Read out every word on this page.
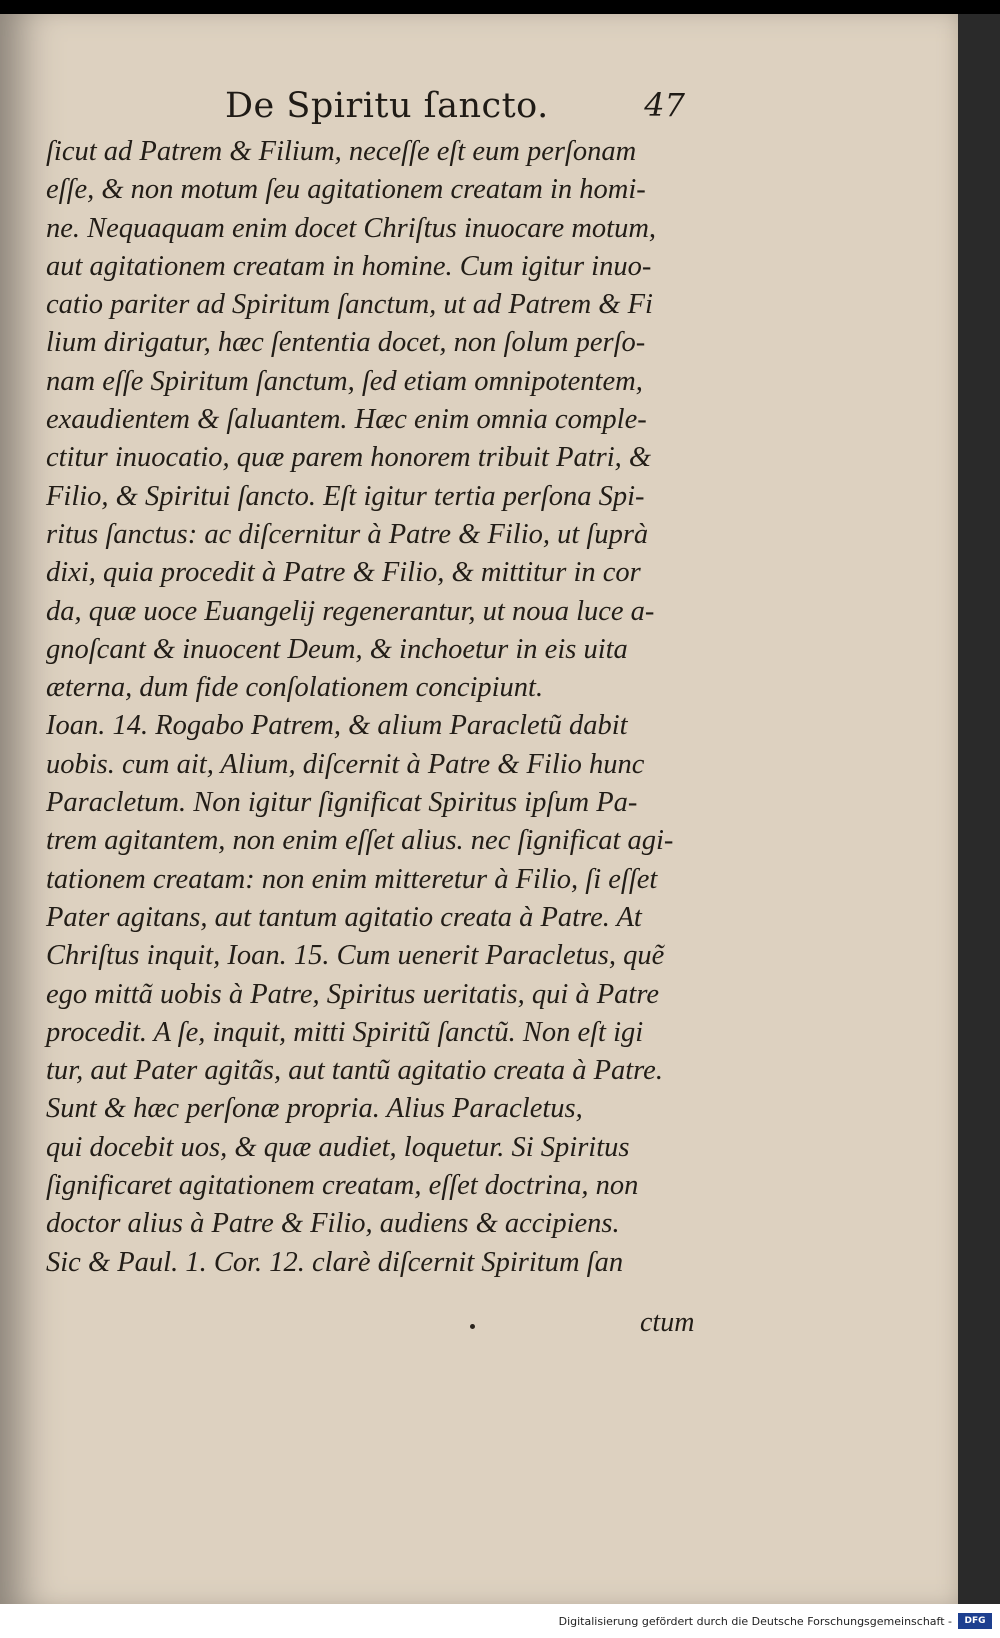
De Spiritu ſancto.	47
ſicut ad Patrem & Filium, neceſſe eſt eum perſonam
eſſe, & non motum ſeu agitationem creatam in homi-
ne. Nequaquam enim docet Chriſtus inuocare motum,
aut agitationem creatam in homine. Cum igitur inuo-
catio pariter ad Spiritum ſanctum, ut ad Patrem & Fi
lium dirigatur, hæc ſententia docet, non ſolum perſo-
nam eſſe Spiritum ſanctum, ſed etiam omnipotentem,
exaudientem & ſaluantem. Hæc enim omnia comple-
ctitur inuocatio, quæ parem honorem tribuit Patri, &
Filio, & Spiritui ſancto. Eſt igitur tertia perſona Spi-
ritus ſanctus: ac diſcernitur à Patre & Filio, ut ſuprà
dixi, quia procedit à Patre & Filio, & mittitur in cor
da, quæ uoce Euangelij regenerantur, ut noua luce a-
gnoſcant & inuocent Deum, & inchoetur in eis uita
æterna, dum fide conſolationem concipiunt.
Ioan. 14. Rogabo Patrem, & alium Paracletũ dabit
uobis. cum ait, Alium, diſcernit à Patre & Filio hunc
Paracletum. Non igitur ſignificat Spiritus ipſum Pa-
trem agitantem, non enim eſſet alius. nec ſignificat agi-
tationem creatam: non enim mitteretur à Filio, ſi eſſet
Pater agitans, aut tantum agitatio creata à Patre. At
Chriſtus inquit, Ioan. 15. Cum uenerit Paracletus, quẽ
ego mittã uobis à Patre, Spiritus ueritatis, qui à Patre
procedit. A ſe, inquit, mitti Spiritũ ſanctũ. Non eſt igi
tur, aut Pater agitãs, aut tantũ agitatio creata à Patre.
Sunt & hæc perſonæ propria. Alius Paracletus,
qui docebit uos, & quæ audiet, loquetur. Si Spiritus
ſignificaret agitationem creatam, eſſet doctrina, non
doctor alius à Patre & Filio, audiens & accipiens.
Sic & Paul. 1. Cor. 12. clarè diſcernit Spiritum ſan
ctum
Digitalisierung gefördert durch die Deutsche Forschungsgemeinschaft -	DFG
